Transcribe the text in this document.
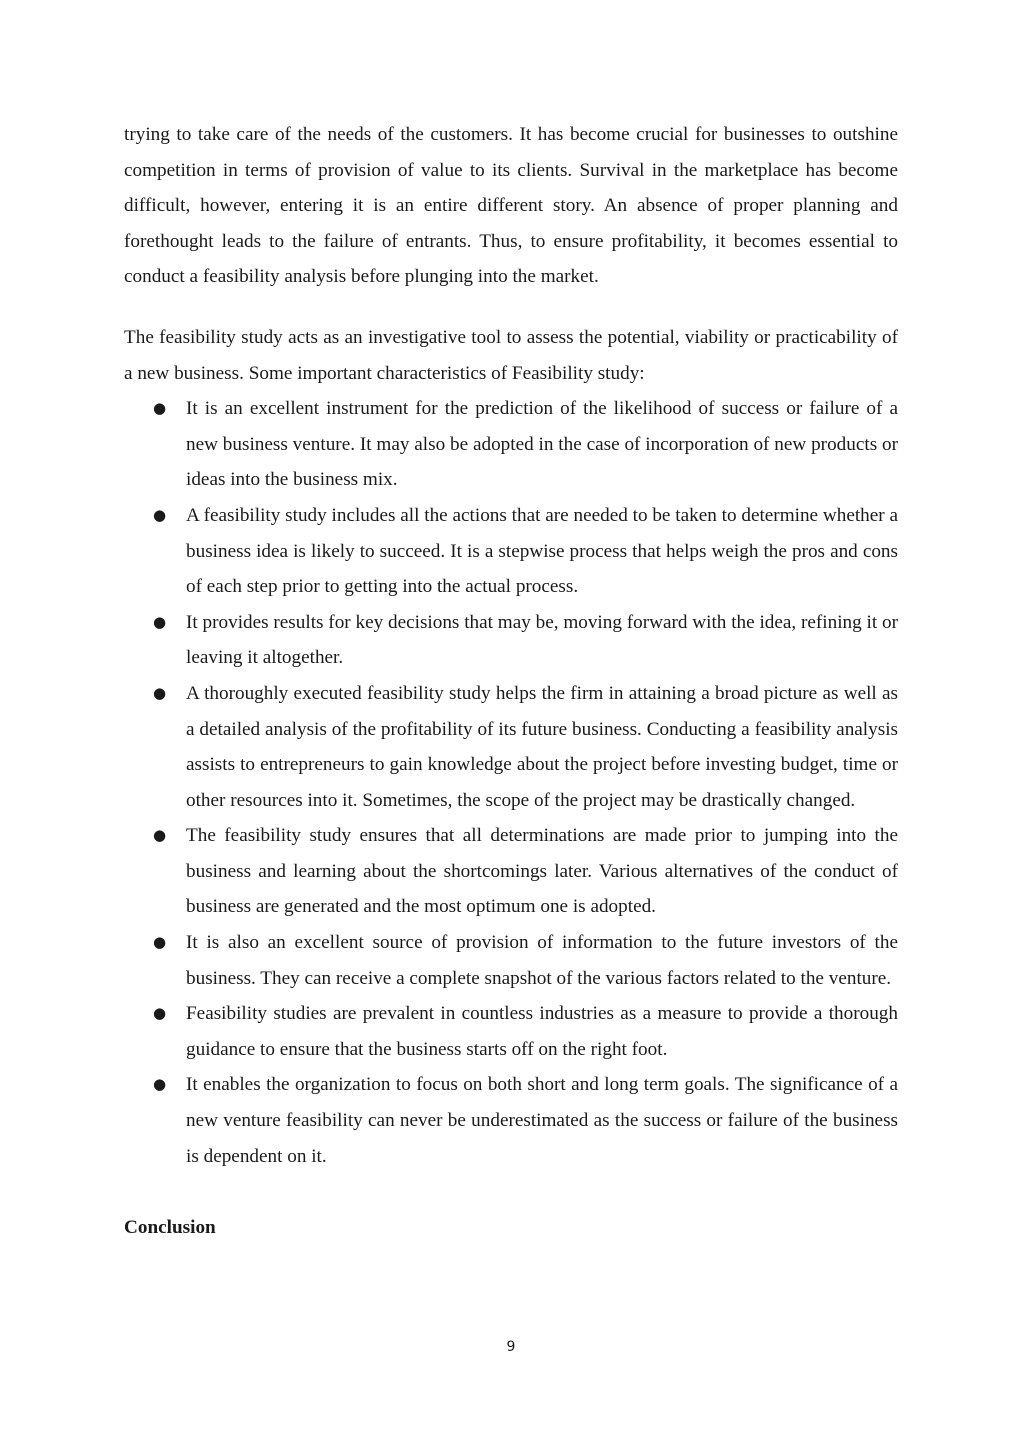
trying to take care of the needs of the customers. It has become crucial for businesses to outshine competition in terms of provision of value to its clients. Survival in the marketplace has become difficult, however, entering it is an entire different story. An absence of proper planning and forethought leads to the failure of entrants. Thus, to ensure profitability, it becomes essential to conduct a feasibility analysis before plunging into the market.

The feasibility study acts as an investigative tool to assess the potential, viability or practicability of a new business. Some important characteristics of Feasibility study:

● It is an excellent instrument for the prediction of the likelihood of success or failure of a new business venture. It may also be adopted in the case of incorporation of new products or ideas into the business mix.
● A feasibility study includes all the actions that are needed to be taken to determine whether a business idea is likely to succeed. It is a stepwise process that helps weigh the pros and cons of each step prior to getting into the actual process.
● It provides results for key decisions that may be, moving forward with the idea, refining it or leaving it altogether.
● A thoroughly executed feasibility study helps the firm in attaining a broad picture as well as a detailed analysis of the profitability of its future business. Conducting a feasibility analysis assists to entrepreneurs to gain knowledge about the project before investing budget, time or other resources into it. Sometimes, the scope of the project may be drastically changed.
● The feasibility study ensures that all determinations are made prior to jumping into the business and learning about the shortcomings later. Various alternatives of the conduct of business are generated and the most optimum one is adopted.
● It is also an excellent source of provision of information to the future investors of the business. They can receive a complete snapshot of the various factors related to the venture.
● Feasibility studies are prevalent in countless industries as a measure to provide a thorough guidance to ensure that the business starts off on the right foot.
● It enables the organization to focus on both short and long term goals. The significance of a new venture feasibility can never be underestimated as the success or failure of the business is dependent on it.

Conclusion

9
